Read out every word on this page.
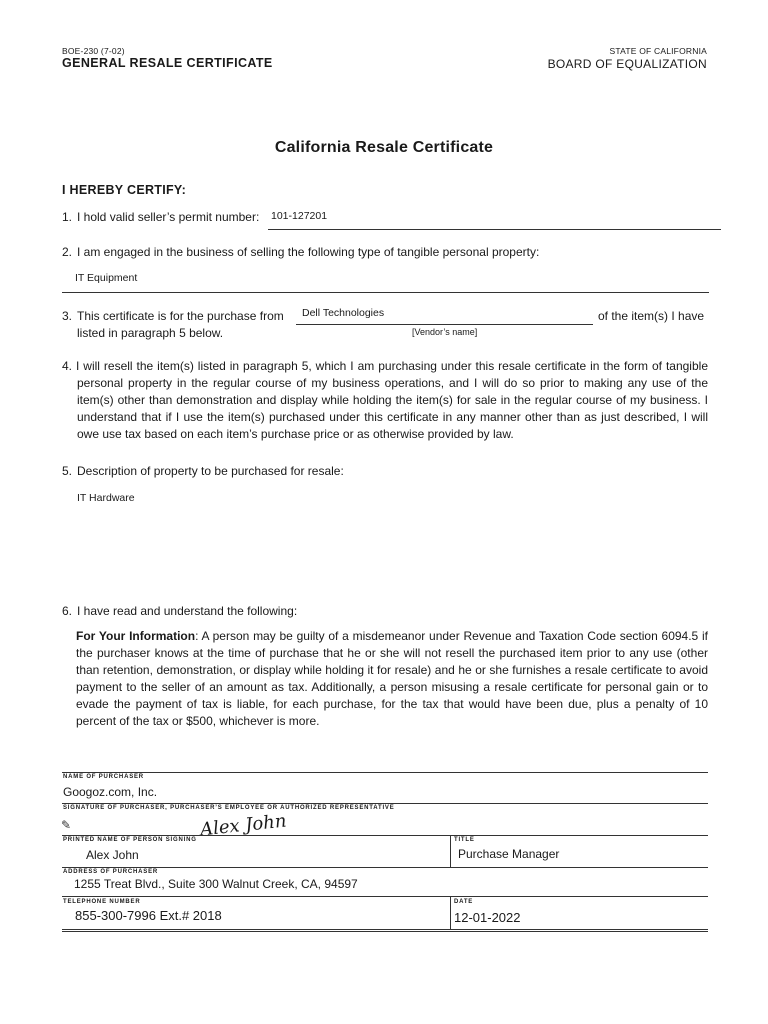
BOE-230 (7-02)
GENERAL RESALE CERTIFICATE
STATE OF CALIFORNIA
BOARD OF EQUALIZATION
California Resale Certificate
I HEREBY CERTIFY:
1. I hold valid seller’s permit number: 101-127201
2. I am engaged in the business of selling the following type of tangible personal property:
IT Equipment
3. This certificate is for the purchase from Dell Technologies	of the item(s) I have
listed in paragraph 5 below.	[Vendor’s name]
4. I will resell the item(s) listed in paragraph 5, which I am purchasing under this resale certificate in the form of tangible personal property in the regular course of my business operations, and I will do so prior to making any use of the item(s) other than demonstration and display while holding the item(s) for sale in the regular course of my business. I understand that if I use the item(s) purchased under this certificate in any manner other than as just described, I will owe use tax based on each item’s purchase price or as otherwise provided by law.
5. Description of property to be purchased for resale:
IT Hardware
6. I have read and understand the following:
For Your Information: A person may be guilty of a misdemeanor under Revenue and Taxation Code section 6094.5 if the purchaser knows at the time of purchase that he or she will not resell the purchased item prior to any use (other than retention, demonstration, or display while holding it for resale) and he or she furnishes a resale certificate to avoid payment to the seller of an amount as tax. Additionally, a person misusing a resale certificate for personal gain or to evade the payment of tax is liable, for each purchase, for the tax that would have been due, plus a penalty of 10 percent of the tax or $500, whichever is more.
NAME OF PURCHASER
Googoz.com, Inc.
SIGNATURE OF PURCHASER, PURCHASER’S EMPLOYEE OR AUTHORIZED REPRESENTATIVE
✎	Alex John
PRINTED NAME OF PERSON SIGNING
Alex John
TITLE
Purchase Manager
ADDRESS OF PURCHASER
1255 Treat Blvd., Suite 300 Walnut Creek, CA, 94597
TELEPHONE NUMBER
855-300-7996 Ext.# 2018
DATE
12-01-2022
